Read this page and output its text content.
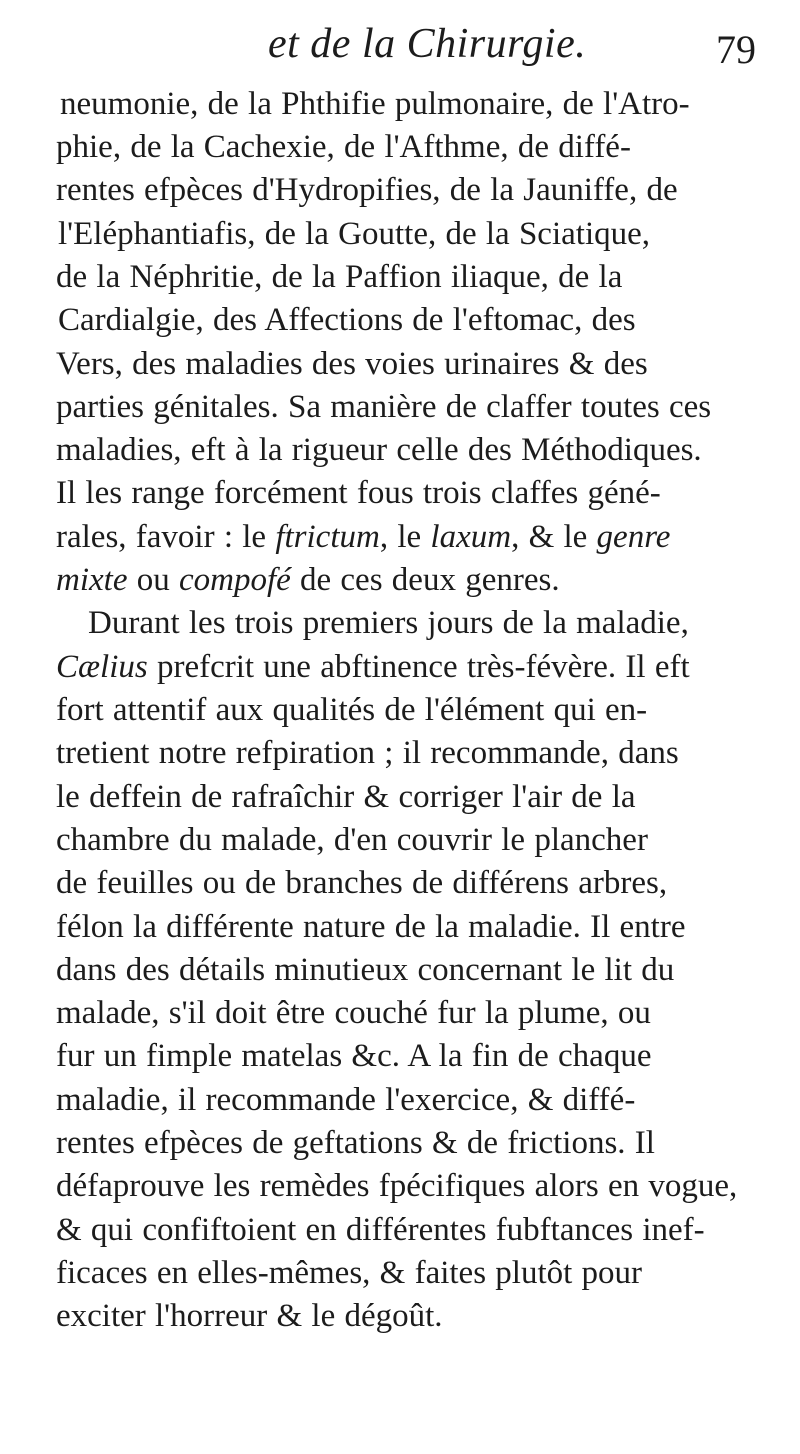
et de la Chirurgie.	79
neumonie, de la Phthifie pulmonaire, de l'Atro-
phie, de la Cachexie, de l'Afthme, de diffé-
rentes efpèces d'Hydropifies, de la Jauniffe, de
l'Eléphantiafis, de la Goutte, de la Sciatique,
de la Néphritie, de la Paffion iliaque, de la
Cardialgie, des Affections de l'eftomac, des
Vers, des maladies des voies urinaires & des
parties génitales. Sa manière de claffer toutes ces
maladies, eft à la rigueur celle des Méthodiques.
Il les range forcément fous trois claffes géné-
rales, favoir : le ftrictum, le laxum, & le genre
mixte ou compofé de ces deux genres.
Durant les trois premiers jours de la maladie,
Cælius prefcrit une abftinence très-févère. Il eft
fort attentif aux qualités de l'élément qui en-
tretient notre refpiration ; il recommande, dans
le deffein de rafraîchir & corriger l'air de la
chambre du malade, d'en couvrir le plancher
de feuilles ou de branches de différens arbres,
félon la différente nature de la maladie. Il entre
dans des détails minutieux concernant le lit du
malade, s'il doit être couché fur la plume, ou
fur un fimple matelas &c. A la fin de chaque
maladie, il recommande l'exercice, & diffé-
rentes efpèces de geftations & de frictions. Il
défaprouve les remèdes fpécifiques alors en vogue,
& qui confiftoient en différentes fubftances inef-
ficaces en elles-mêmes, & faites plutôt pour
exciter l'horreur & le dégoût.
